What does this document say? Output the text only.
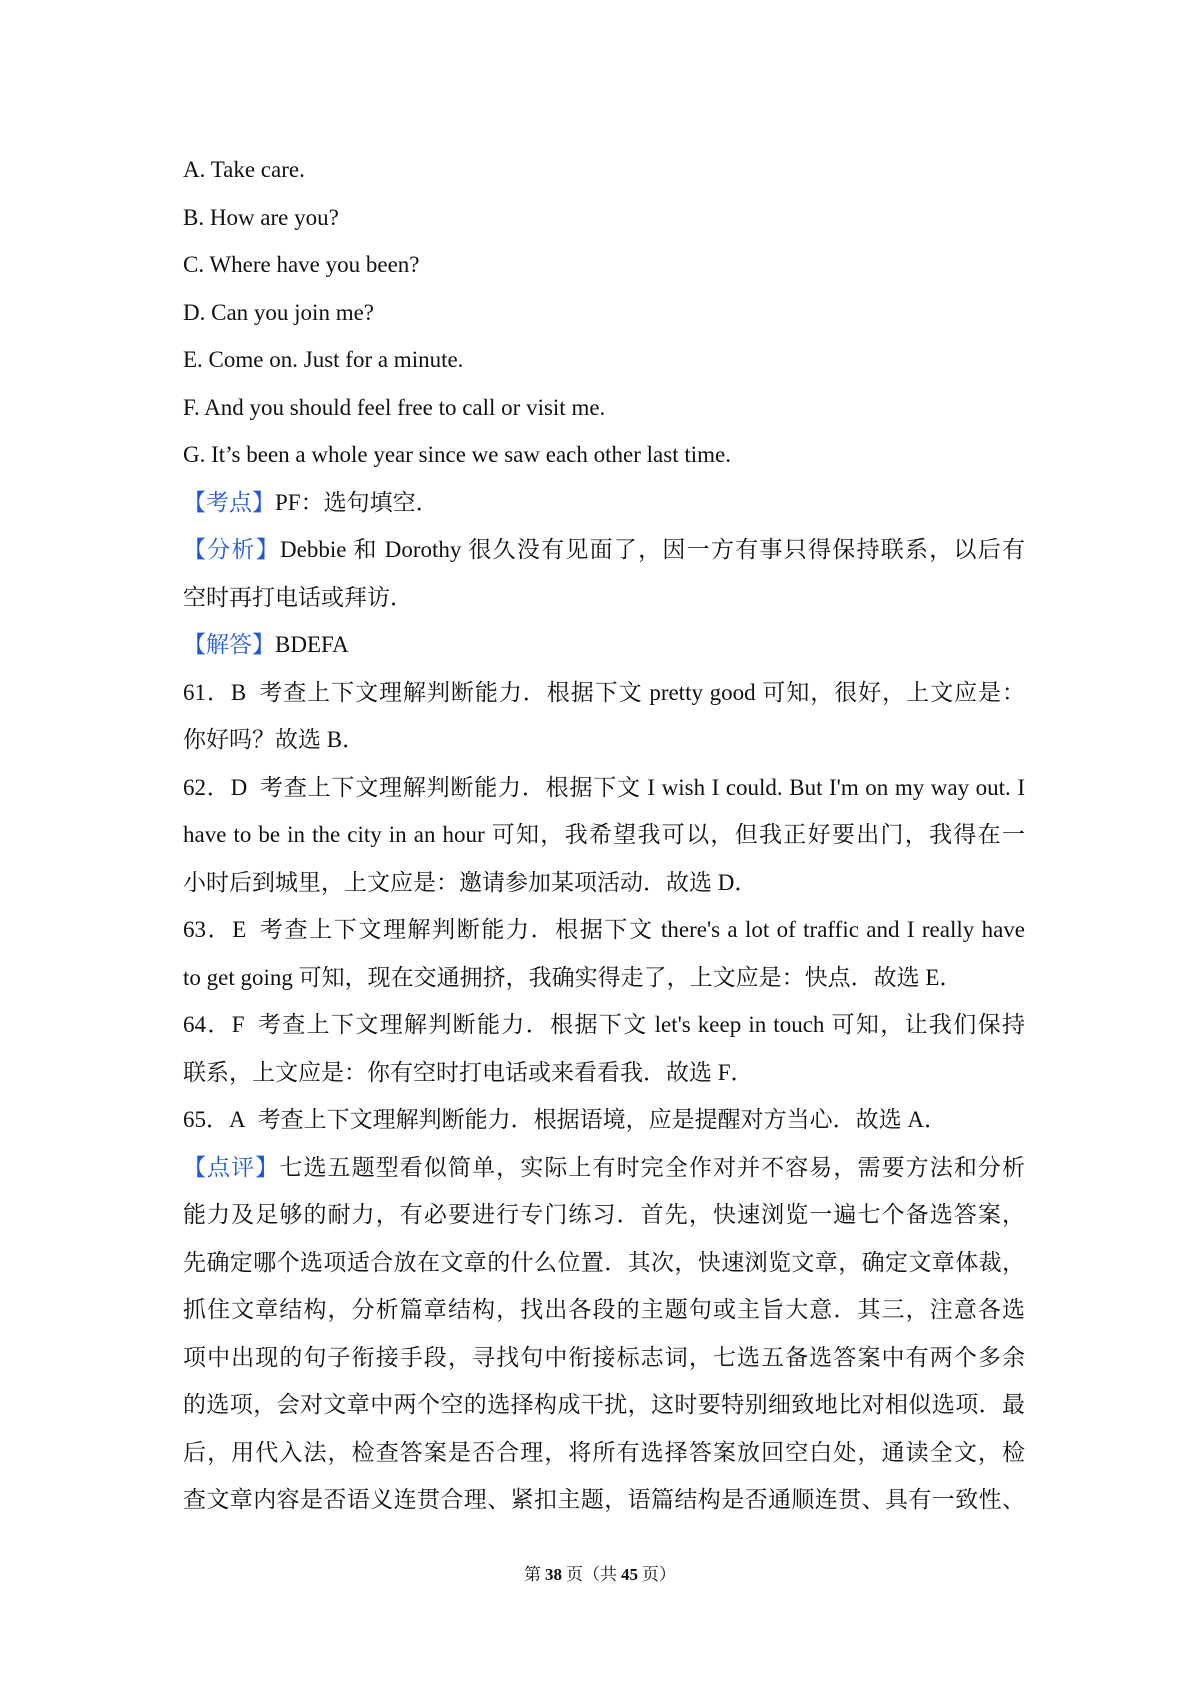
A. Take care.
B. How are you?
C. Where have you been?
D. Can you join me?
E. Come on. Just for a minute.
F. And you should feel free to call or visit me.
G. It’s been a whole year since we saw each other last time.
【考点】PF：选句填空．
【分析】Debbie 和 Dorothy 很久没有见面了，因一方有事只得保持联系，以后有
空时再打电话或拜访．
【解答】BDEFA
61．B 考查上下文理解判断能力．根据下文 pretty good 可知，很好，上文应是：
你好吗？故选 B．
62．D 考查上下文理解判断能力．根据下文 I wish I could. But I'm on my way out. I
have to be in the city in an hour 可知，我希望我可以，但我正好要出门，我得在一
小时后到城里，上文应是：邀请参加某项活动．故选 D．
63．E 考查上下文理解判断能力．根据下文 there's a lot of traffic and I really have
to get going 可知，现在交通拥挤，我确实得走了，上文应是：快点．故选 E．
64．F 考查上下文理解判断能力．根据下文 let's keep in touch 可知，让我们保持
联系，上文应是：你有空时打电话或来看看我．故选 F．
65．A 考查上下文理解判断能力．根据语境，应是提醒对方当心．故选 A．
【点评】七选五题型看似简单，实际上有时完全作对并不容易，需要方法和分析
能力及足够的耐力，有必要进行专门练习．首先，快速浏览一遍七个备选答案，
先确定哪个选项适合放在文章的什么位置．其次，快速浏览文章，确定文章体裁，
抓住文章结构，分析篇章结构，找出各段的主题句或主旨大意．其三，注意各选
项中出现的句子衔接手段，寻找句中衔接标志词，七选五备选答案中有两个多余
的选项，会对文章中两个空的选择构成干扰，这时要特别细致地比对相似选项．最
后，用代入法，检查答案是否合理，将所有选择答案放回空白处，通读全文，检
查文章内容是否语义连贯合理、紧扣主题，语篇结构是否通顺连贯、具有一致性、
第 38 页（共 45 页）
